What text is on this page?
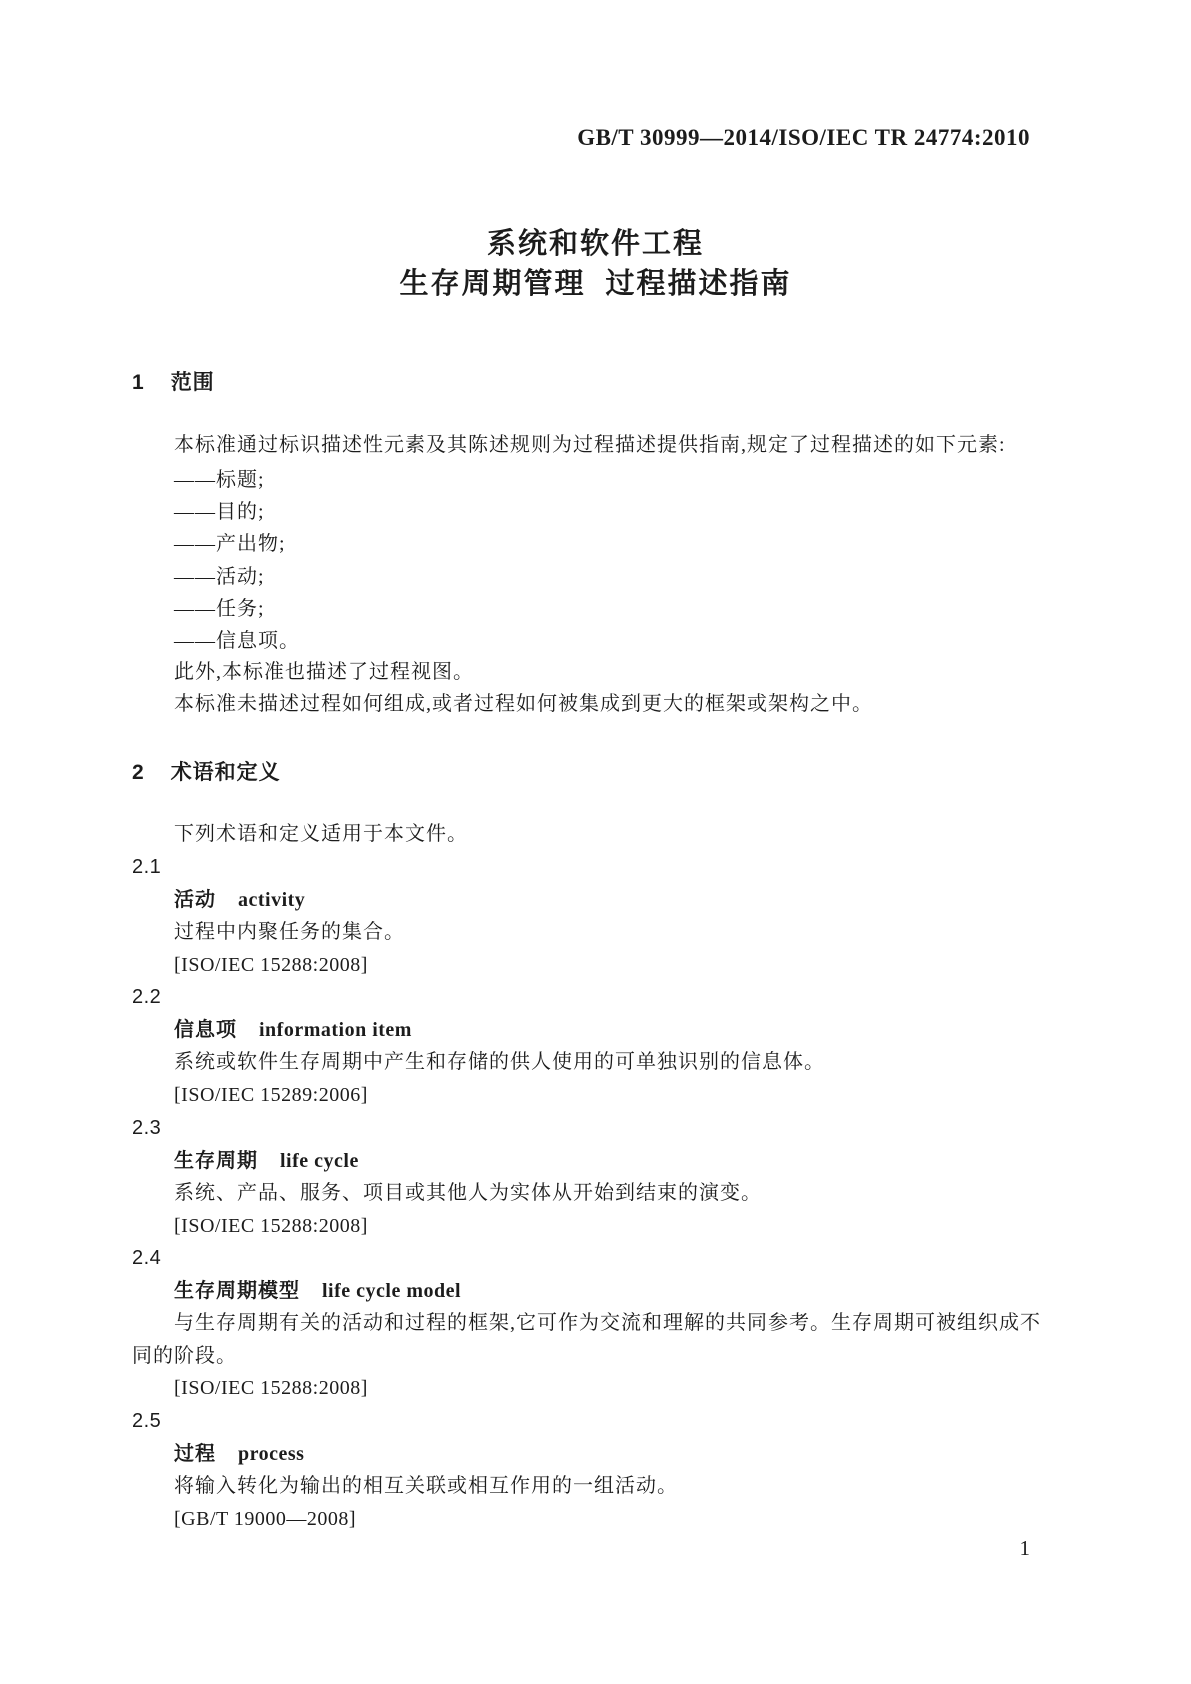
GB/T 30999—2014/ISO/IEC TR 24774:2010
系统和软件工程
生存周期管理 过程描述指南
1 范围
本标准通过标识描述性元素及其陈述规则为过程描述提供指南,规定了过程描述的如下元素:
——标题;
——目的;
——产出物;
——活动;
——任务;
——信息项。
此外,本标准也描述了过程视图。
本标准未描述过程如何组成,或者过程如何被集成到更大的框架或架构之中。
2 术语和定义
下列术语和定义适用于本文件。
2.1
活动 activity
过程中内聚任务的集合。
[ISO/IEC 15288:2008]
2.2
信息项 information item
系统或软件生存周期中产生和存储的供人使用的可单独识别的信息体。
[ISO/IEC 15289:2006]
2.3
生存周期 life cycle
系统、产品、服务、项目或其他人为实体从开始到结束的演变。
[ISO/IEC 15288:2008]
2.4
生存周期模型 life cycle model
与生存周期有关的活动和过程的框架,它可作为交流和理解的共同参考。生存周期可被组织成不同的阶段。
[ISO/IEC 15288:2008]
2.5
过程 process
将输入转化为输出的相互关联或相互作用的一组活动。
[GB/T 19000—2008]
1
